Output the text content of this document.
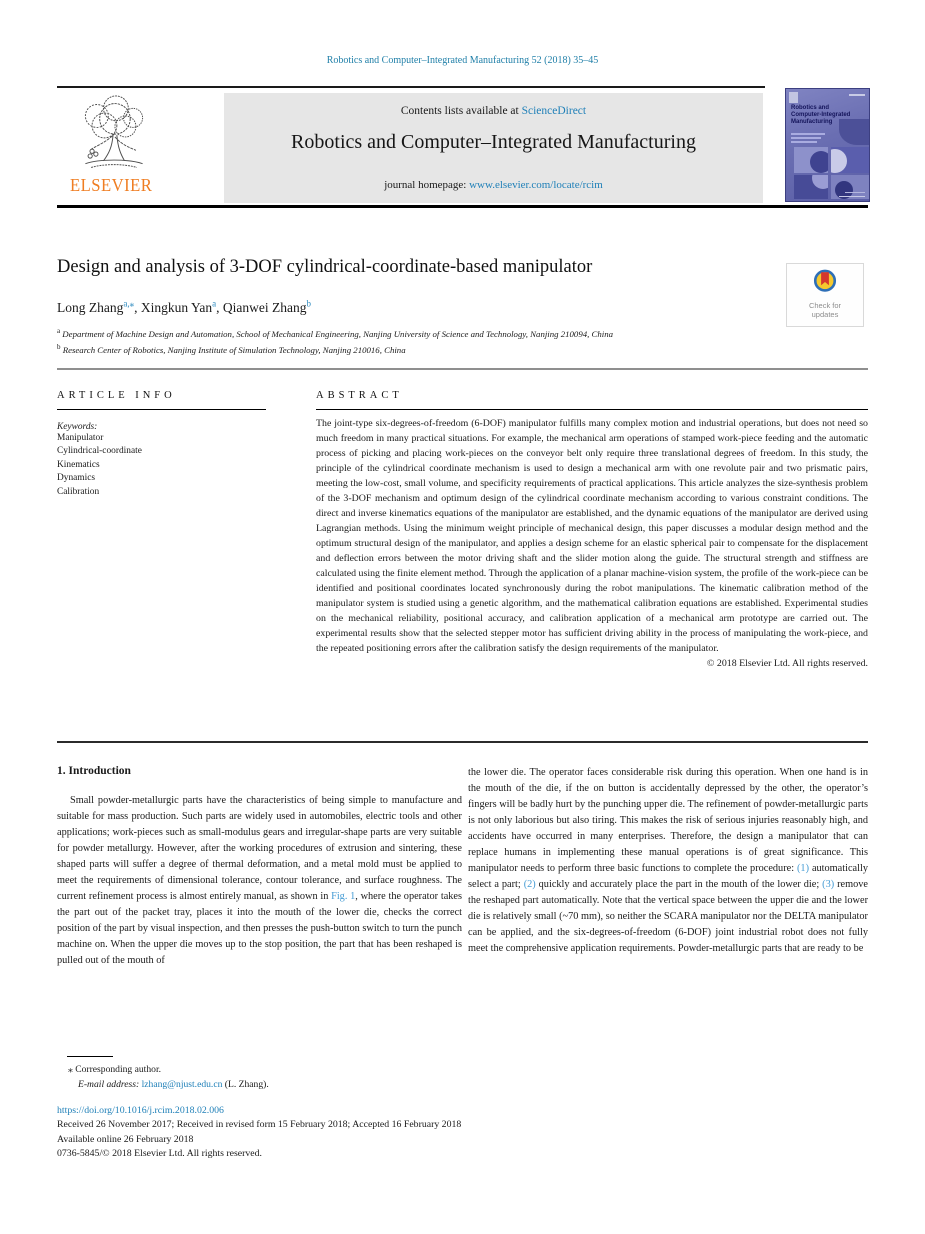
Robotics and Computer–Integrated Manufacturing 52 (2018) 35–45
ELSEVIER
Contents lists available at ScienceDirect
Robotics and Computer–Integrated Manufacturing
journal homepage: www.elsevier.com/locate/rcim
Robotics and
Computer-Integrated
Manufacturing
Design and analysis of 3-DOF cylindrical-coordinate-based manipulator
Check for updates
Long Zhang$^{a,⁎}$, Xingkun Yan$^a$, Qianwei Zhang$^b$
$^a$ Department of Machine Design and Automation, School of Mechanical Engineering, Nanjing University of Science and Technology, Nanjing 210094, China
$^b$ Research Center of Robotics, Nanjing Institute of Simulation Technology, Nanjing 210016, China
ARTICLE INFO
Keywords:
Manipulator
Cylindrical-coordinate
Kinematics
Dynamics
Calibration
ABSTRACT
The joint-type six-degrees-of-freedom (6-DOF) manipulator fulfills many complex motion and industrial operations, but does not need so much freedom in many practical situations. For example, the mechanical arm operations of stamped work-piece feeding and the automatic process of picking and placing work-pieces on the conveyor belt only require three translational degrees of freedom. In this study, the principle of the cylindrical coordinate mechanism is used to design a mechanical arm with one revolute pair and two prismatic pairs, meeting the low-cost, small volume, and specificity requirements of practical applications. This article analyzes the size-synthesis problem of the 3-DOF mechanism and optimum design of the cylindrical coordinate mechanism according to various constraint conditions. The direct and inverse kinematics equations of the manipulator are established, and the dynamic equations of the manipulator are derived using Lagrangian methods. Using the minimum weight principle of mechanical design, this paper discusses a modular design method and the optimum structural design of the manipulator, and applies a design scheme for an elastic spherical pair to compensate for the displacement and deflection errors between the motor driving shaft and the slider motion along the guide. The structural strength and stiffness are calculated using the finite element method. Through the application of a planar machine-vision system, the profile of the work-piece can be identified and positional coordinates located synchronously during the robot manipulations. The kinematic calibration method of the manipulator system is studied using a genetic algorithm, and the mathematical calibration equations are established. Experimental studies on the mechanical reliability, positional accuracy, and calibration application of a mechanical arm prototype are carried out. The experimental results show that the selected stepper motor has sufficient driving ability in the process of manipulating the work-piece, and the repeated positioning errors after the calibration satisfy the design requirements of the manipulator.
© 2018 Elsevier Ltd. All rights reserved.
1. Introduction

Small powder-metallurgic parts have the characteristics of being simple to manufacture and suitable for mass production. Such parts are widely used in automobiles, electric tools and other applications; work-pieces such as small-modulus gears and irregular-shape parts are very suitable for powder metallurgy. However, after the working procedures of extrusion and sintering, these shaped parts will suffer a degree of thermal deformation, and a metal mold must be applied to meet the requirements of dimensional tolerance, contour tolerance, and surface roughness. The current refinement process is almost entirely manual, as shown in Fig. 1, where the operator takes the part out of the packet tray, places it into the mouth of the lower die, checks the correct position of the part by visual inspection, and then presses the push-button switch to turn the punch machine on. When the upper die moves up to the stop position, the part that has been reshaped is pulled out of the mouth of

the lower die. The operator faces considerable risk during this operation. When one hand is in the mouth of the die, if the on button is accidentally depressed by the other, the operator’s fingers will be badly hurt by the punching upper die. The refinement of powder-metallurgic parts is not only laborious but also tiring. This makes the risk of serious injuries reasonably high, and accidents have occurred in many enterprises. Therefore, the design a manipulator that can replace humans in implementing these manual operations is of great significance. This manipulator needs to perform three basic functions to complete the procedure: (1) automatically select a part; (2) quickly and accurately place the part in the mouth of the lower die; (3) remove the reshaped part automatically. Note that the vertical space between the upper die and the lower die is relatively small (~70 mm), so neither the SCARA manipulator nor the DELTA manipulator can be applied, and the six-degrees-of-freedom (6-DOF) joint industrial robot does not fully meet the comprehensive application requirements. Powder-metallurgic parts that are ready to be

⁎ Corresponding author.
E-mail address: lzhang@njust.edu.cn (L. Zhang).
https://doi.org/10.1016/j.rcim.2018.02.006
Received 26 November 2017; Received in revised form 15 February 2018; Accepted 16 February 2018
Available online 26 February 2018
0736-5845/© 2018 Elsevier Ltd. All rights reserved.
